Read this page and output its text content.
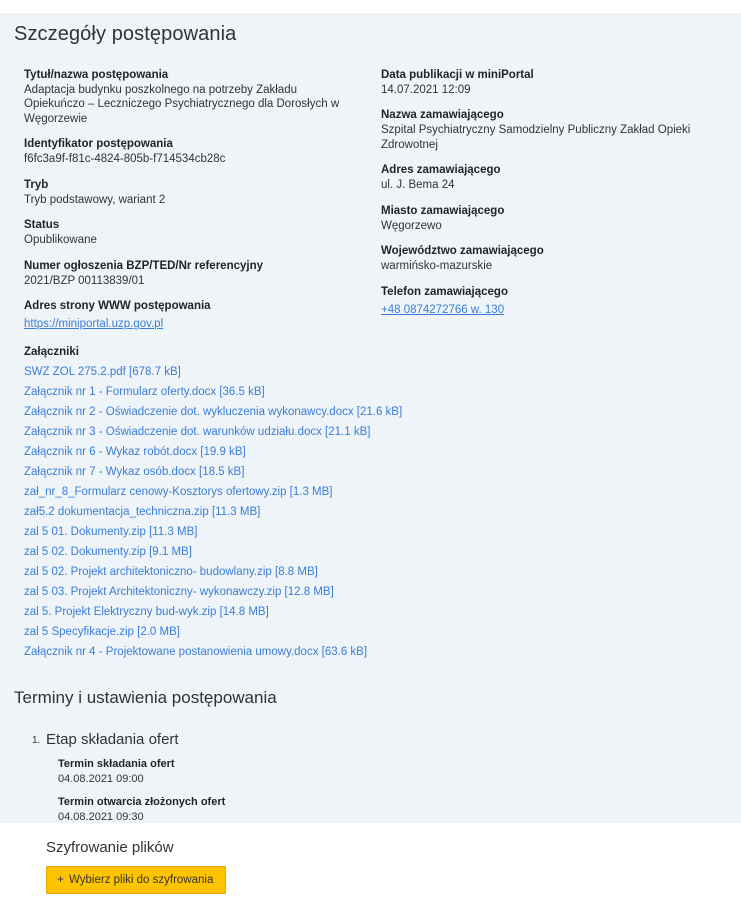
Szczegóły postępowania
Tytuł/nazwa postępowania
Adaptacja budynku poszkolnego na potrzeby Zakładu Opiekuńczo – Leczniczego Psychiatrycznego dla Dorosłych w Węgorzewie
Identyfikator postępowania
f6fc3a9f-f81c-4824-805b-f714534cb28c
Tryb
Tryb podstawowy, wariant 2
Status
Opublikowane
Numer ogłoszenia BZP/TED/Nr referencyjny
2021/BZP 00113839/01
Adres strony WWW postępowania
https://miniportal.uzp.gov.pl
Data publikacji w miniPortal
14.07.2021 12:09
Nazwa zamawiającego
Szpital Psychiatryczny Samodzielny Publiczny Zakład Opieki Zdrowotnej
Adres zamawiającego
ul. J. Bema 24
Miasto zamawiającego
Węgorzewo
Województwo zamawiającego
warmińsko-mazurskie
Telefon zamawiającego
+48 0874272766 w. 130
Załączniki
SWZ ZOL 275.2.pdf [678.7 kB]
Załącznik nr 1 - Formularz oferty.docx [36.5 kB]
Załącznik nr 2 - Oświadczenie dot. wykluczenia wykonawcy.docx [21.6 kB]
Załącznik nr 3 - Oświadczenie dot. warunków udziału.docx [21.1 kB]
Załącznik nr 6 - Wykaz robót.docx [19.9 kB]
Załącznik nr 7 - Wykaz osób.docx [18.5 kB]
zał_nr_8_Formularz cenowy-Kosztorys ofertowy.zip [1.3 MB]
zał5.2 dokumentacja_techniczna.zip [11.3 MB]
zal 5 01. Dokumenty.zip [11.3 MB]
zal 5 02. Dokumenty.zip [9.1 MB]
zal 5 02. Projekt architektoniczno- budowlany.zip [8.8 MB]
zal 5 03. Projekt Architektoniczny- wykonawczy.zip [12.8 MB]
zal 5. Projekt Elektryczny bud-wyk.zip [14.8 MB]
zal 5 Specyfikacje.zip [2.0 MB]
Załącznik nr 4 - Projektowane postanowienia umowy.docx [63.6 kB]
Terminy i ustawienia postępowania
1. Etap składania ofert
Termin składania ofert
04.08.2021 09:00
Termin otwarcia złożonych ofert
04.08.2021 09:30
Szyfrowanie plików
+ Wybierz pliki do szyfrowania
